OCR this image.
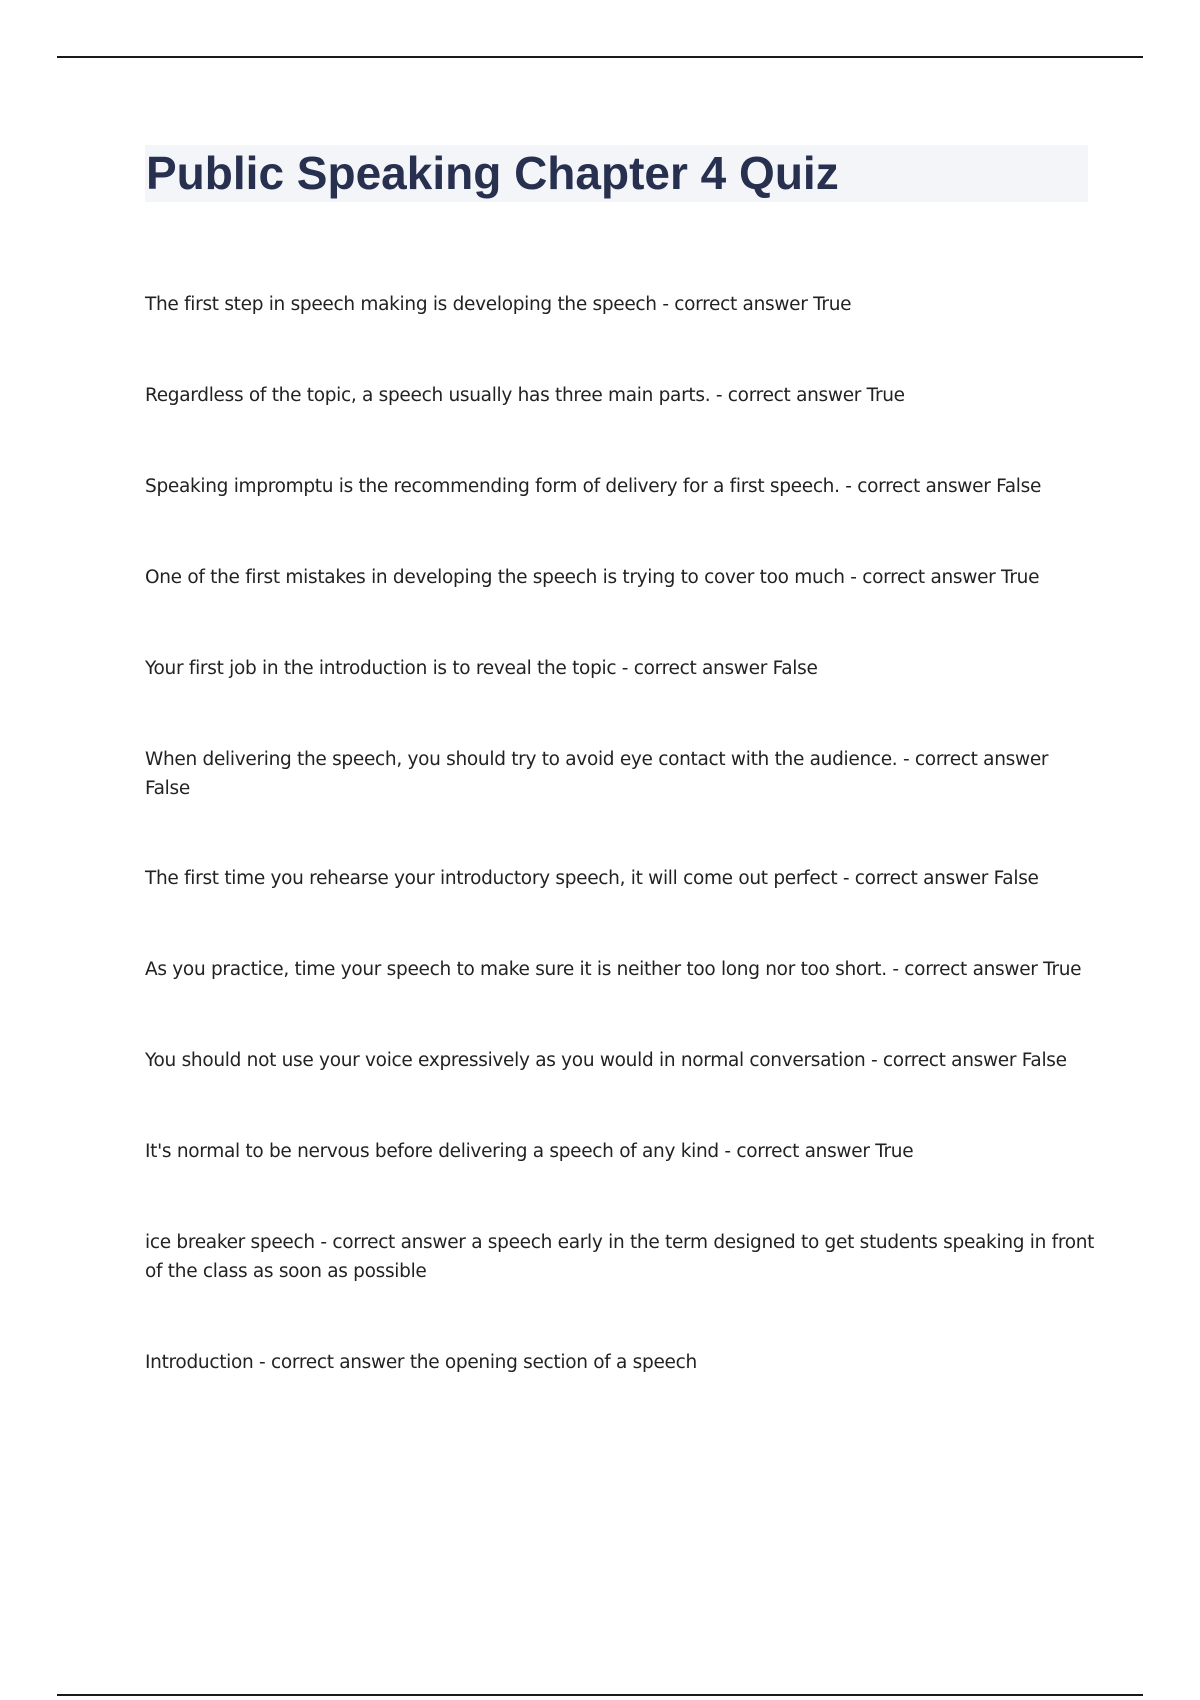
Public Speaking Chapter 4 Quiz
The first step in speech making is developing the speech - correct answer True
Regardless of the topic, a speech usually has three main parts. - correct answer True
Speaking impromptu is the recommending form of delivery for a first speech. - correct answer False
One of the first mistakes in developing the speech is trying to cover too much - correct answer True
Your first job in the introduction is to reveal the topic - correct answer False
When delivering the speech, you should try to avoid eye contact with the audience. - correct answer False
The first time you rehearse your introductory speech, it will come out perfect - correct answer False
As you practice, time your speech to make sure it is neither too long nor too short. - correct answer True
You should not use your voice expressively as you would in normal conversation - correct answer False
It's normal to be nervous before delivering a speech of any kind - correct answer True
ice breaker speech - correct answer a speech early in the term designed to get students speaking in front of the class as soon as possible
Introduction - correct answer the opening section of a speech
